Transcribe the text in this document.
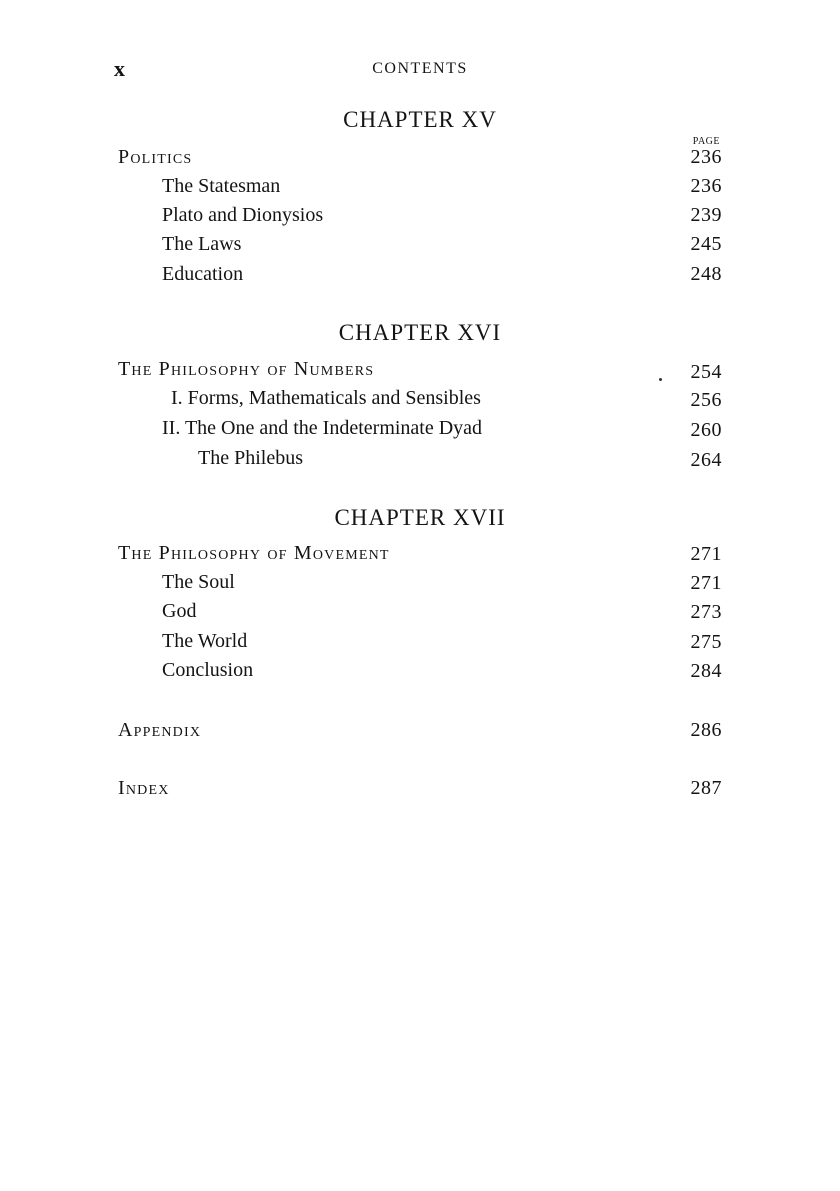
x	CONTENTS
CHAPTER XV
PAGE
Politics	236
The Statesman	236
Plato and Dionysios	239
The Laws	245
Education	248
CHAPTER XVI
The Philosophy of Numbers	254
I. Forms, Mathematicals and Sensibles	256
II. The One and the Indeterminate Dyad	260
The Philebus	264
CHAPTER XVII
The Philosophy of Movement	271
The Soul	271
God	273
The World	275
Conclusion	284
Appendix	286
Index	287
